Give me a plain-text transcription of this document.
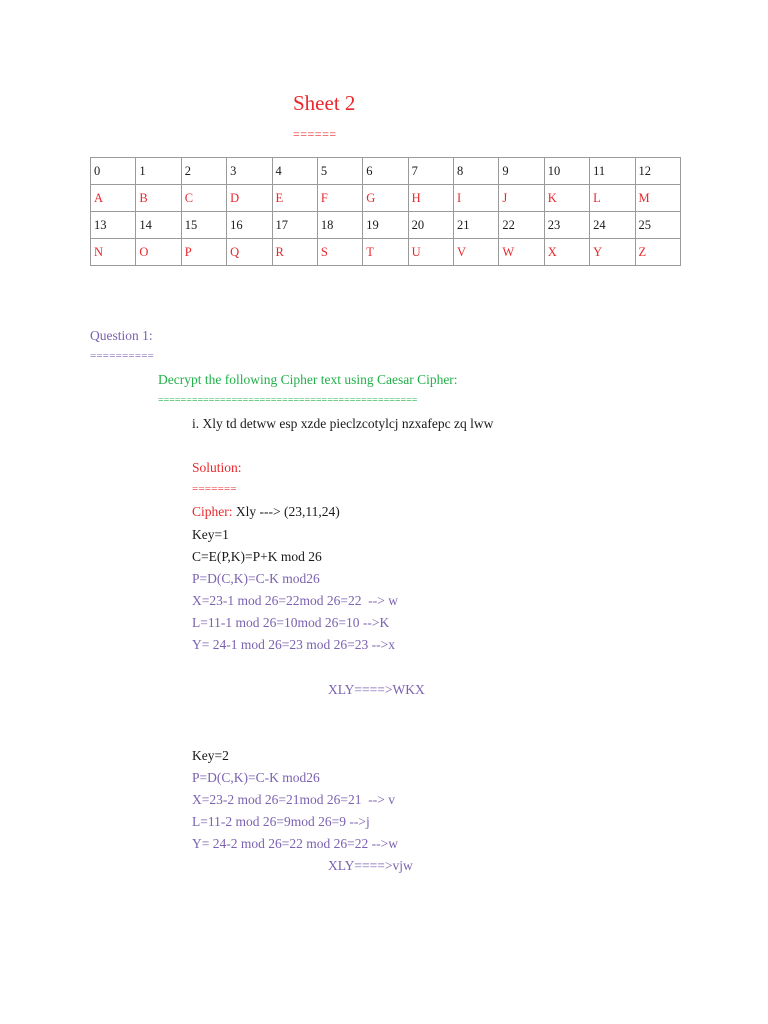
Sheet 2
======
0	1	2	3	4	5	6	7	8	9	10	11	12
A	B	C	D	E	F	G	H	I	J	K	L	M
13	14	15	16	17	18	19	20	21	22	23	24	25
N	O	P	Q	R	S	T	U	V	W	X	Y	Z
Question 1:
==========
Decrypt the following Cipher text using Caesar Cipher:
==============================================
i. Xly td detww esp xzde pieclzcotylcj nzxafepc zq lww
Solution:
=======
Cipher: Xly ---> (23,11,24)
Key=1
C=E(P,K)=P+K mod 26
P=D(C,K)=C-K mod26
X=23-1 mod 26=22mod 26=22  --> w
L=11-1 mod 26=10mod 26=10 -->K
Y= 24-1 mod 26=23 mod 26=23 -->x
XLY====>WKX
Key=2
P=D(C,K)=C-K mod26
X=23-2 mod 26=21mod 26=21  --> v
L=11-2 mod 26=9mod 26=9 -->j
Y= 24-2 mod 26=22 mod 26=22 -->w
XLY====>vjw
